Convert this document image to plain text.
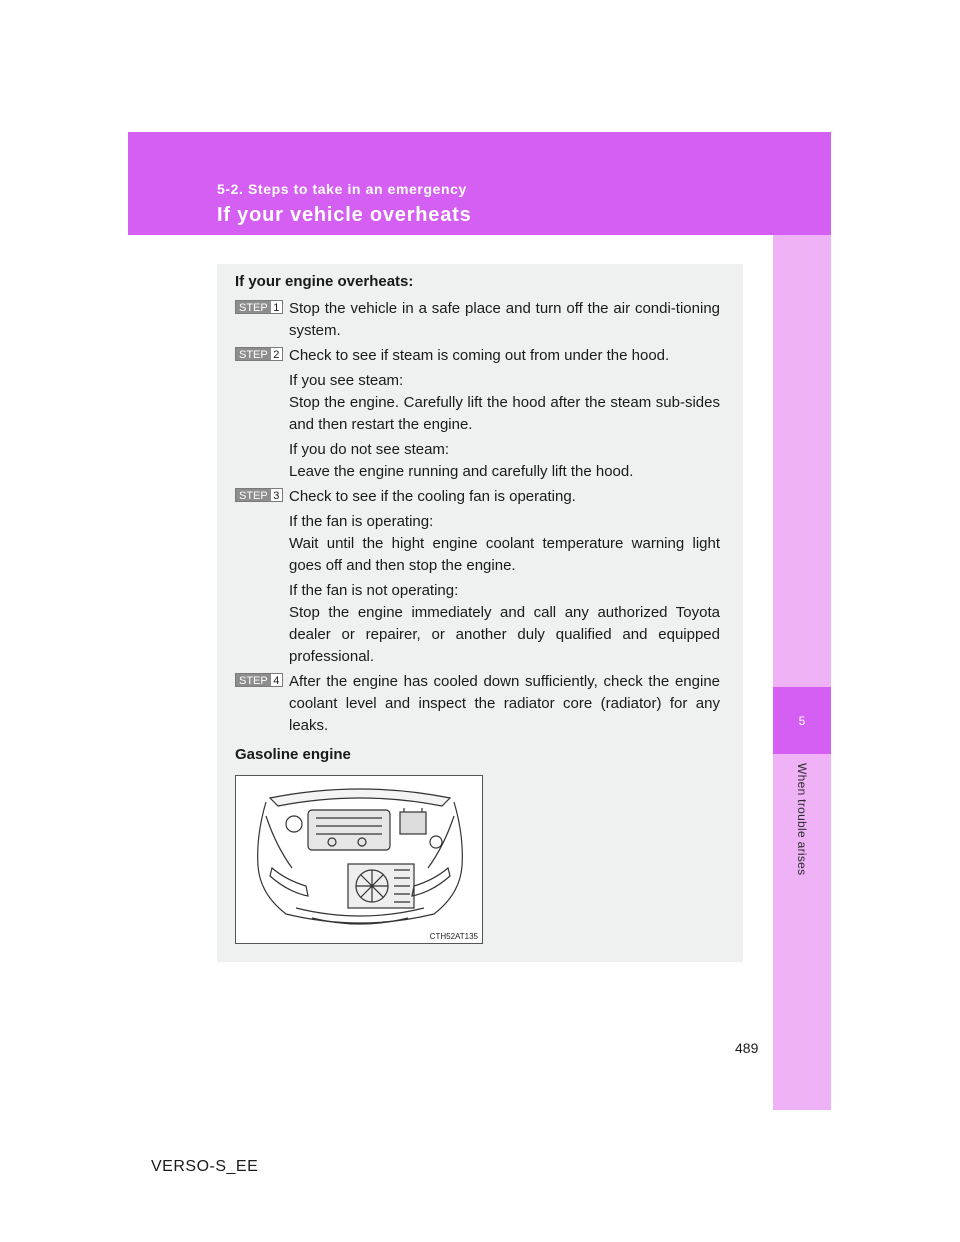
5-2. Steps to take in an emergency

If your vehicle overheats
5
When trouble arises

If your engine overheats:

STEP 1 Stop the vehicle in a safe place and turn off the air condi-tioning system.

STEP 2 Check to see if steam is coming out from under the hood.

If you see steam:

Stop the engine. Carefully lift the hood after the steam sub-sides and then restart the engine.

If you do not see steam:

Leave the engine running and carefully lift the hood.

STEP 3 Check to see if the cooling fan is operating.

If the fan is operating:

Wait until the hight engine coolant temperature warning light goes off and then stop the engine.

If the fan is not operating:

Stop the engine immediately and call any authorized Toyota dealer or repairer, or another duly qualified and equipped professional.

STEP 4 After the engine has cooled down sufficiently, check the engine coolant level and inspect the radiator core (radiator) for any leaks.

Gasoline engine

CTH52AT135

489

VERSO-S_EE
